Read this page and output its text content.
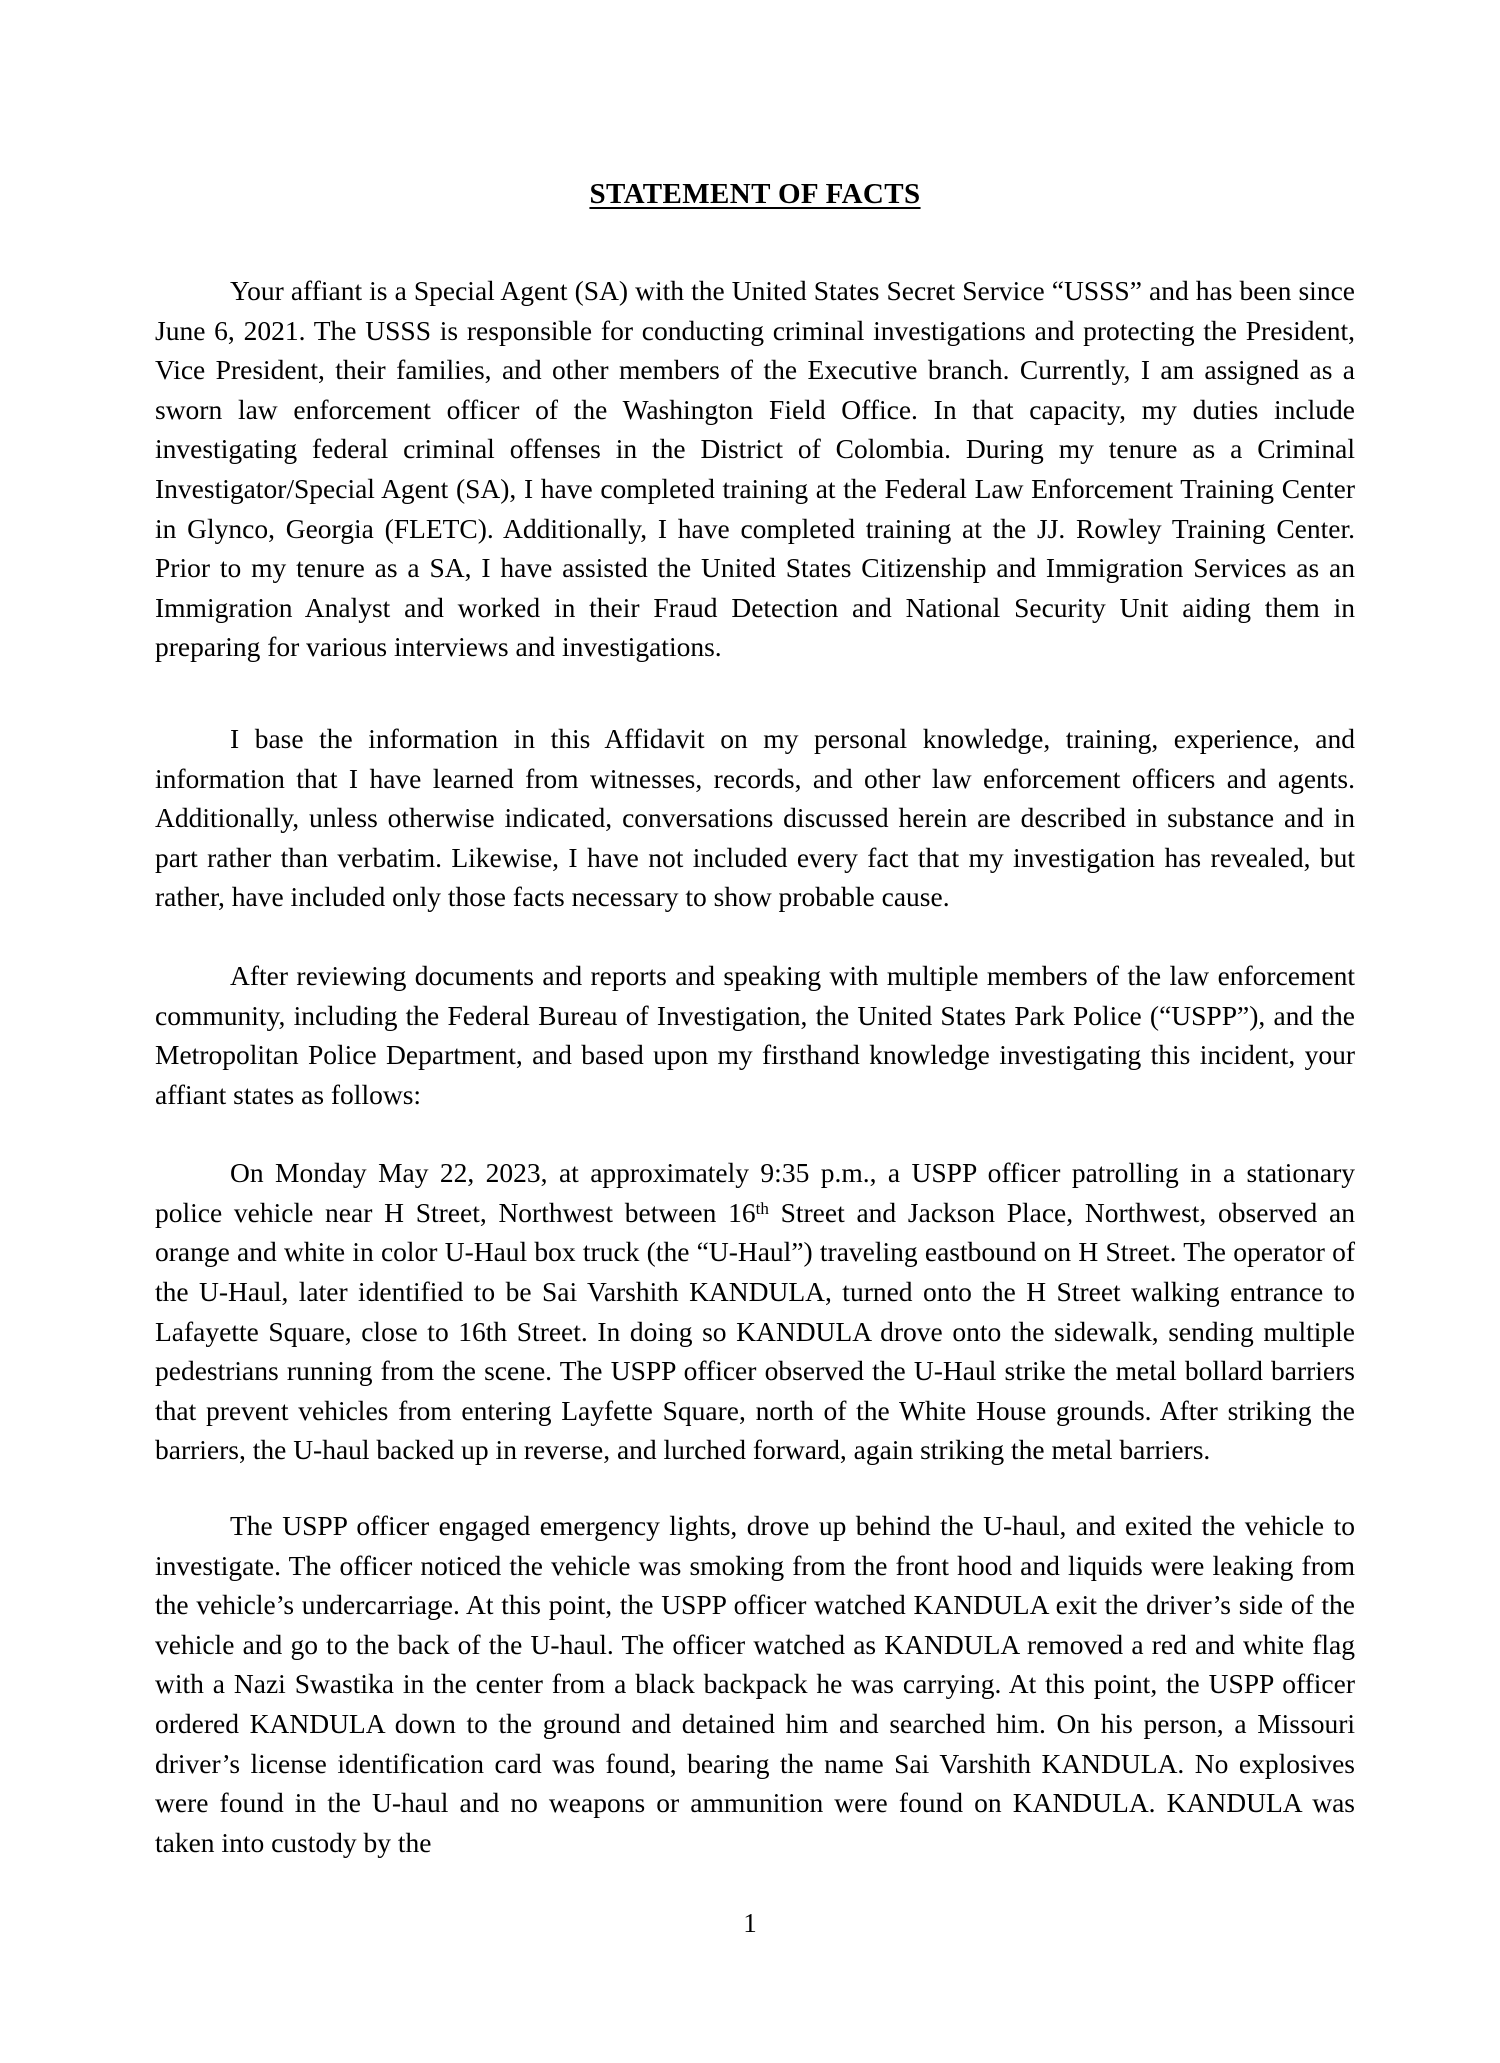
STATEMENT OF FACTS

Your affiant is a Special Agent (SA) with the United States Secret Service “USSS” and has been since June 6, 2021. The USSS is responsible for conducting criminal investigations and protecting the President, Vice President, their families, and other members of the Executive branch. Currently, I am assigned as a sworn law enforcement officer of the Washington Field Office. In that capacity, my duties include investigating federal criminal offenses in the District of Colombia. During my tenure as a Criminal Investigator/Special Agent (SA), I have completed training at the Federal Law Enforcement Training Center in Glynco, Georgia (FLETC). Additionally, I have completed training at the JJ. Rowley Training Center. Prior to my tenure as a SA, I have assisted the United States Citizenship and Immigration Services as an Immigration Analyst and worked in their Fraud Detection and National Security Unit aiding them in preparing for various interviews and investigations.

I base the information in this Affidavit on my personal knowledge, training, experience, and information that I have learned from witnesses, records, and other law enforcement officers and agents. Additionally, unless otherwise indicated, conversations discussed herein are described in substance and in part rather than verbatim. Likewise, I have not included every fact that my investigation has revealed, but rather, have included only those facts necessary to show probable cause.

After reviewing documents and reports and speaking with multiple members of the law enforcement community, including the Federal Bureau of Investigation, the United States Park Police (“USPP”), and the Metropolitan Police Department, and based upon my firsthand knowledge investigating this incident, your affiant states as follows:

On Monday May 22, 2023, at approximately 9:35 p.m., a USPP officer patrolling in a stationary police vehicle near H Street, Northwest between 16th Street and Jackson Place, Northwest, observed an orange and white in color U-Haul box truck (the “U-Haul”) traveling eastbound on H Street. The operator of the U-Haul, later identified to be Sai Varshith KANDULA, turned onto the H Street walking entrance to Lafayette Square, close to 16th Street. In doing so KANDULA drove onto the sidewalk, sending multiple pedestrians running from the scene. The USPP officer observed the U-Haul strike the metal bollard barriers that prevent vehicles from entering Layfette Square, north of the White House grounds. After striking the barriers, the U-haul backed up in reverse, and lurched forward, again striking the metal barriers.

The USPP officer engaged emergency lights, drove up behind the U-haul, and exited the vehicle to investigate. The officer noticed the vehicle was smoking from the front hood and liquids were leaking from the vehicle’s undercarriage. At this point, the USPP officer watched KANDULA exit the driver’s side of the vehicle and go to the back of the U-haul. The officer watched as KANDULA removed a red and white flag with a Nazi Swastika in the center from a black backpack he was carrying. At this point, the USPP officer ordered KANDULA down to the ground and detained him and searched him. On his person, a Missouri driver’s license identification card was found, bearing the name Sai Varshith KANDULA. No explosives were found in the U-haul and no weapons or ammunition were found on KANDULA. KANDULA was taken into custody by the

1
